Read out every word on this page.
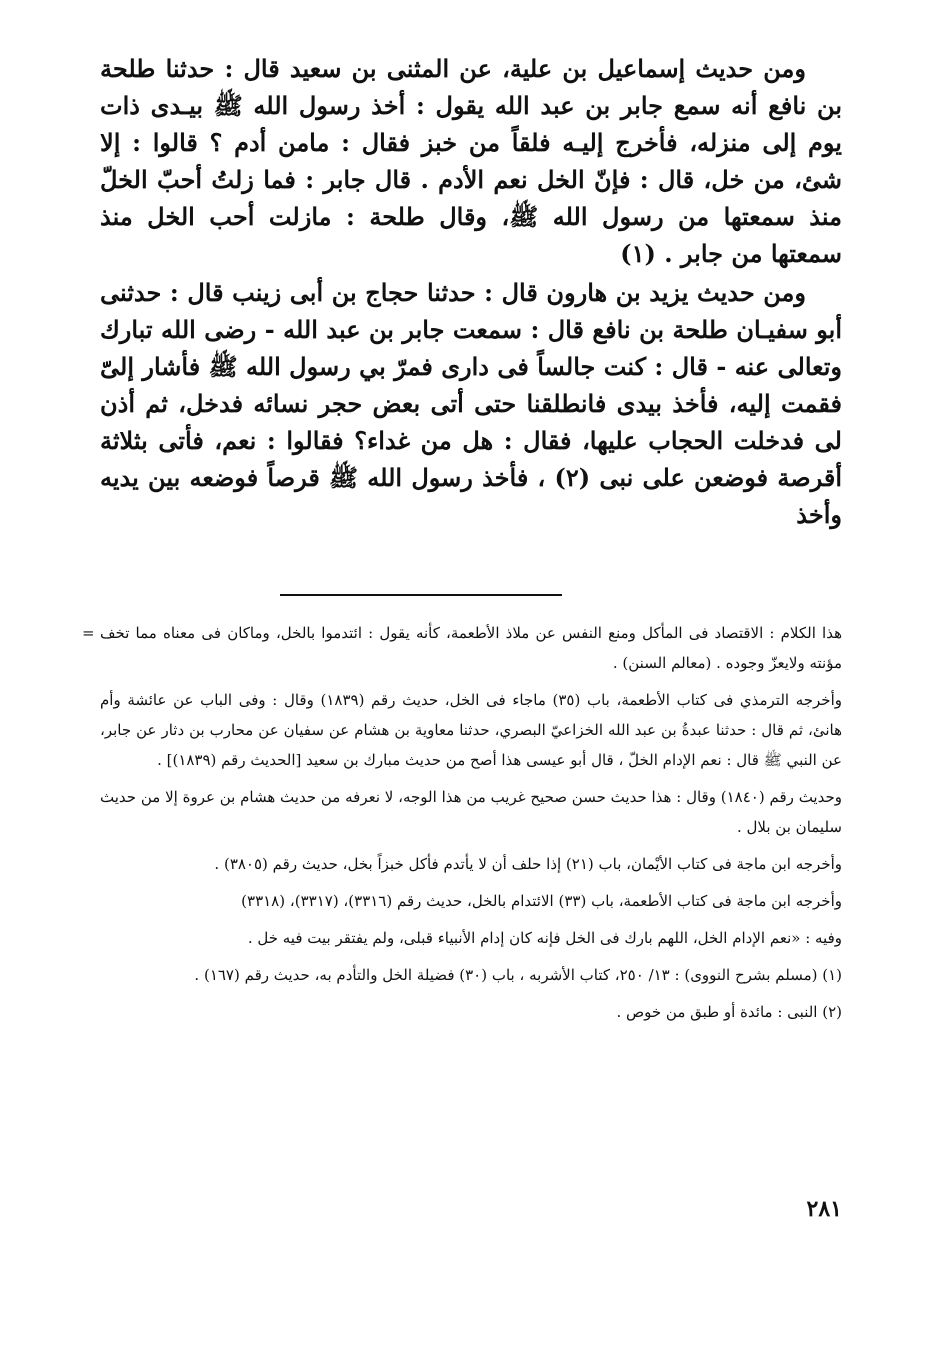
ومن حديث إسماعيل بن علية، عن المثنى بن سعيد قال : حدثنا طلحة بن نافع أنه سمع جابر بن عبد الله يقول : أخذ رسول الله ﷺ بيـدى ذات يوم إلى منزله، فأخرج إليـه فلقاً من خبز فقال : مامن أدم ؟ قالوا : إلا شئ، من خل، قال : فإنّ الخل نعم الأدم . قال جابر : فما زلتُ أحبّ الخلّ منذ سمعتها من رسول الله ﷺ، وقال طلحة : مازلت أحب الخل منذ سمعتها من جابر . (١)

ومن حديث يزيد بن هارون قال : حدثنا حجاج بن أبى زينب قال : حدثنى أبو سفيـان طلحة بن نافع قال : سمعت جابر بن عبد الله - رضى الله تبارك وتعالى عنه - قال : كنت جالساً فى دارى فمرّ بي رسول الله ﷺ فأشار إلىّ فقمت إليه، فأخذ بيدى فانطلقنا حتى أتى بعض حجر نسائه فدخل، ثم أذن لى فدخلت الحجاب عليها، فقال : هل من غداء؟ فقالوا : نعم، فأتى بثلاثة أقرصة فوضعن على نبى (٢) ، فأخذ رسول الله ﷺ قرصاً فوضعه بين يديه وأخذ

= هذا الكلام : الاقتصاد فى المأكل ومنع النفس عن ملاذ الأطعمة، كأنه يقول : ائتدموا بالخل، وماكان فى معناه مما تخف مؤنته ولايعزّ وجوده . (معالم السنن) .

وأخرجه الترمذي فى كتاب الأطعمة، باب (٣٥) ماجاء فى الخل، حديث رقم (١٨٣٩) وقال : وفى الباب عن عائشة وأم هانئ، ثم قال : حدثنا عبدةُ بن عبد الله الخزاعيّ البصري، حدثنا معاوية بن هشام عن سفيان عن محارب بن دثار عن جابر، عن النبي ﷺ قال : نعم الإدام الخلّ ، قال أبو عيسى هذا أصح من حديث مبارك بن سعيد [الحديث رقم (١٨٣٩)] .

وحديث رقم (١٨٤٠) وقال : هذا حديث حسن صحيح غريب من هذا الوجه، لا نعرفه من حديث هشام بن عروة إلا من حديث سليمان بن بلال .

وأخرجه ابن ماجة فى كتاب الأيْمان، باب (٢١) إذا حلف أن لا يأتدم فأكل خبزاً بخل، حديث رقم (٣٨٠٥) .

وأخرجه ابن ماجة فى كتاب الأطعمة، باب (٣٣) الائتدام بالخل، حديث رقم (٣٣١٦)، (٣٣١٧)، (٣٣١٨)

وفيه : «نعم الإدام الخل، اللهم بارك فى الخل فإنه كان إدام الأنبياء قبلى، ولم يفتقر بيت فيه خل .

(١) (مسلم بشرح النووى) : ١٣/ ٢٥٠، كتاب الأشربه ، باب (٣٠) فضيلة الخل والتأدم به، حديث رقم (١٦٧) .

(٢) النبى : مائدة أو طبق من خوص .

٢٨١
